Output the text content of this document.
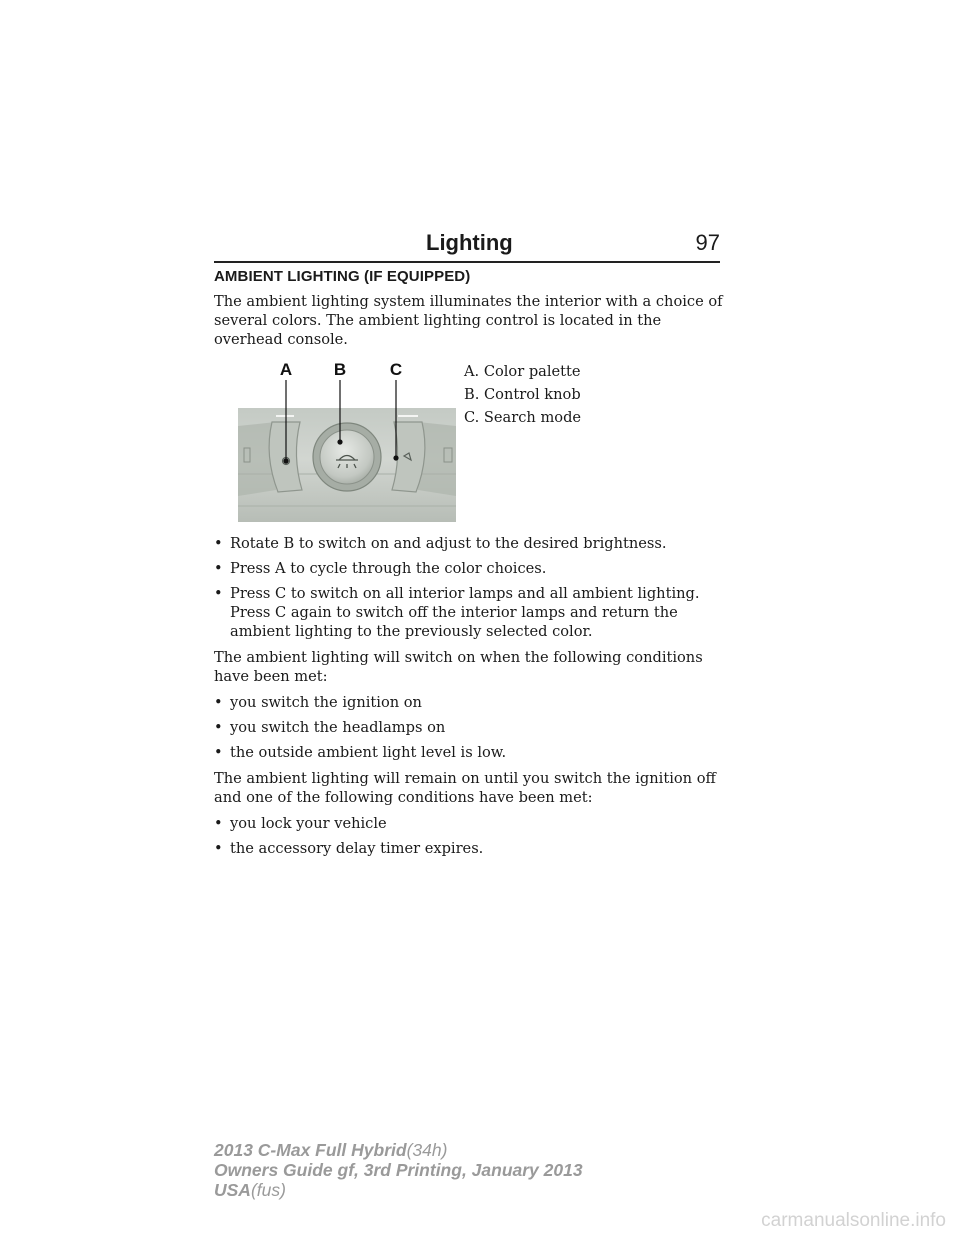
Lighting	97
AMBIENT LIGHTING (IF EQUIPPED)
The ambient lighting system illuminates the interior with a choice of several colors. The ambient lighting control is located in the overhead console.
A B	C	A. Color palette
B. Control knob
C. Search mode
• Rotate B to switch on and adjust to the desired brightness.
• Press A to cycle through the color choices.
• Press C to switch on all interior lamps and all ambient lighting. Press C again to switch off the interior lamps and return the ambient lighting to the previously selected color.
The ambient lighting will switch on when the following conditions have been met:
• you switch the ignition on
• you switch the headlamps on
• the outside ambient light level is low.
The ambient lighting will remain on until you switch the ignition off and one of the following conditions have been met:
• you lock your vehicle
• the accessory delay timer expires.
2013 C-Max Full Hybrid(34h)
Owners Guide gf, 3rd Printing, January 2013
USA(fus)
carmanualsonline.info
